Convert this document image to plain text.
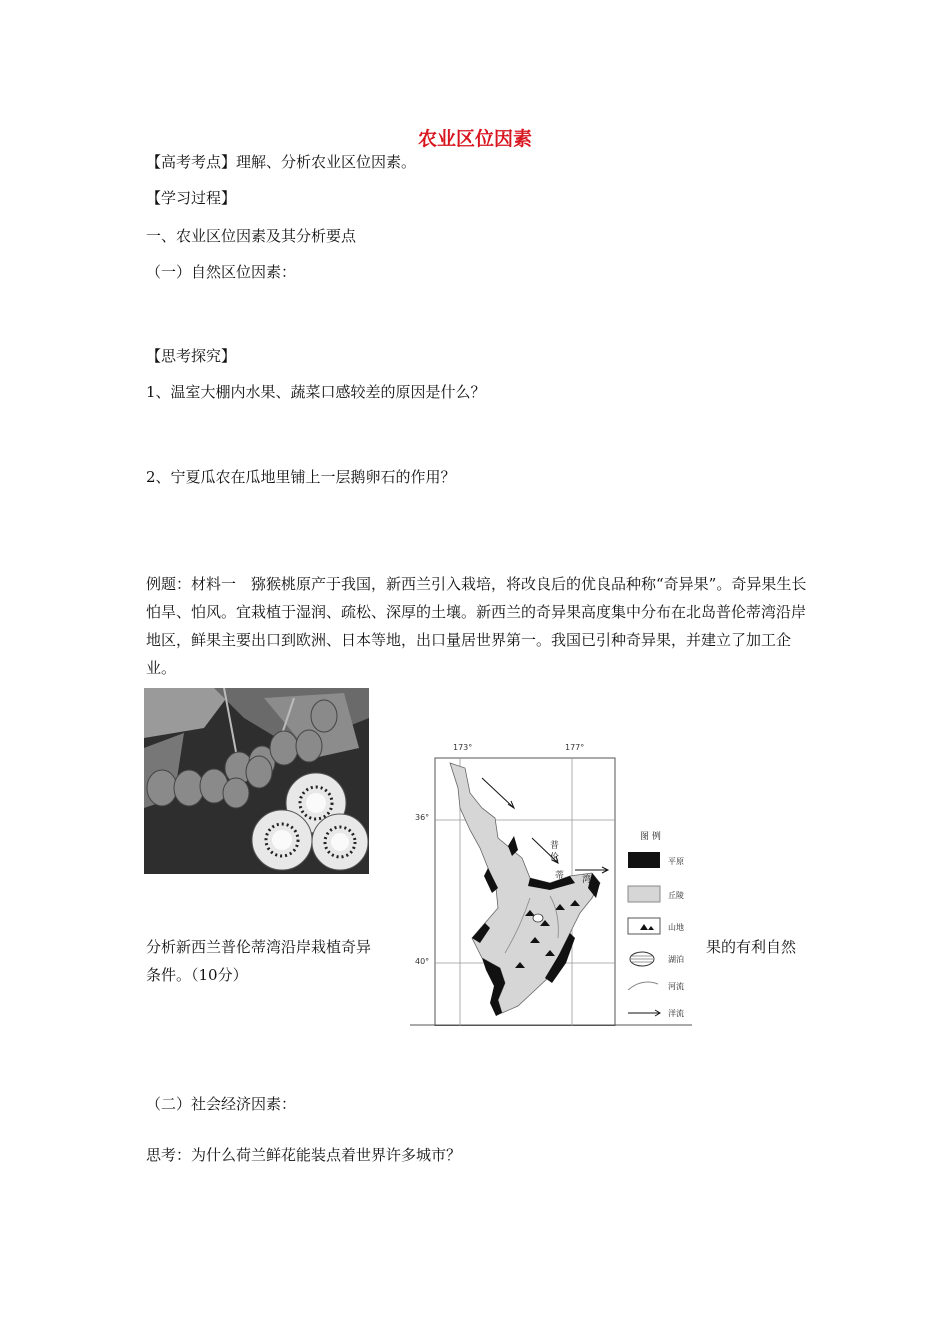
农业区位因素
【高考考点】理解、分析农业区位因素。
【学习过程】
一、农业区位因素及其分析要点
（一）自然区位因素：
【思考探究】
1、温室大棚内水果、蔬菜口感较差的原因是什么？
2、宁夏瓜农在瓜地里铺上一层鹅卵石的作用？
例题：材料一　猕猴桃原产于我国，新西兰引入栽培，将改良后的优良品种称“奇异果”。奇异果生长怕旱、怕风。宜栽植于湿润、疏松、深厚的土壤。新西兰的奇异果高度集中分布在北岛普伦蒂湾沿岸地区，鲜果主要出口到欧洲、日本等地，出口量居世界第一。我国已引种奇异果，并建立了加工企业。
173°	177°
36°
40°
普
伦
蒂 湾
图 例
平原
丘陵
山地
湖泊
河流
洋流
分析新西兰普伦蒂湾沿岸栽植奇异	果的有利自然
条件。（10分）
（二）社会经济因素：
思考：为什么荷兰鲜花能装点着世界许多城市？
